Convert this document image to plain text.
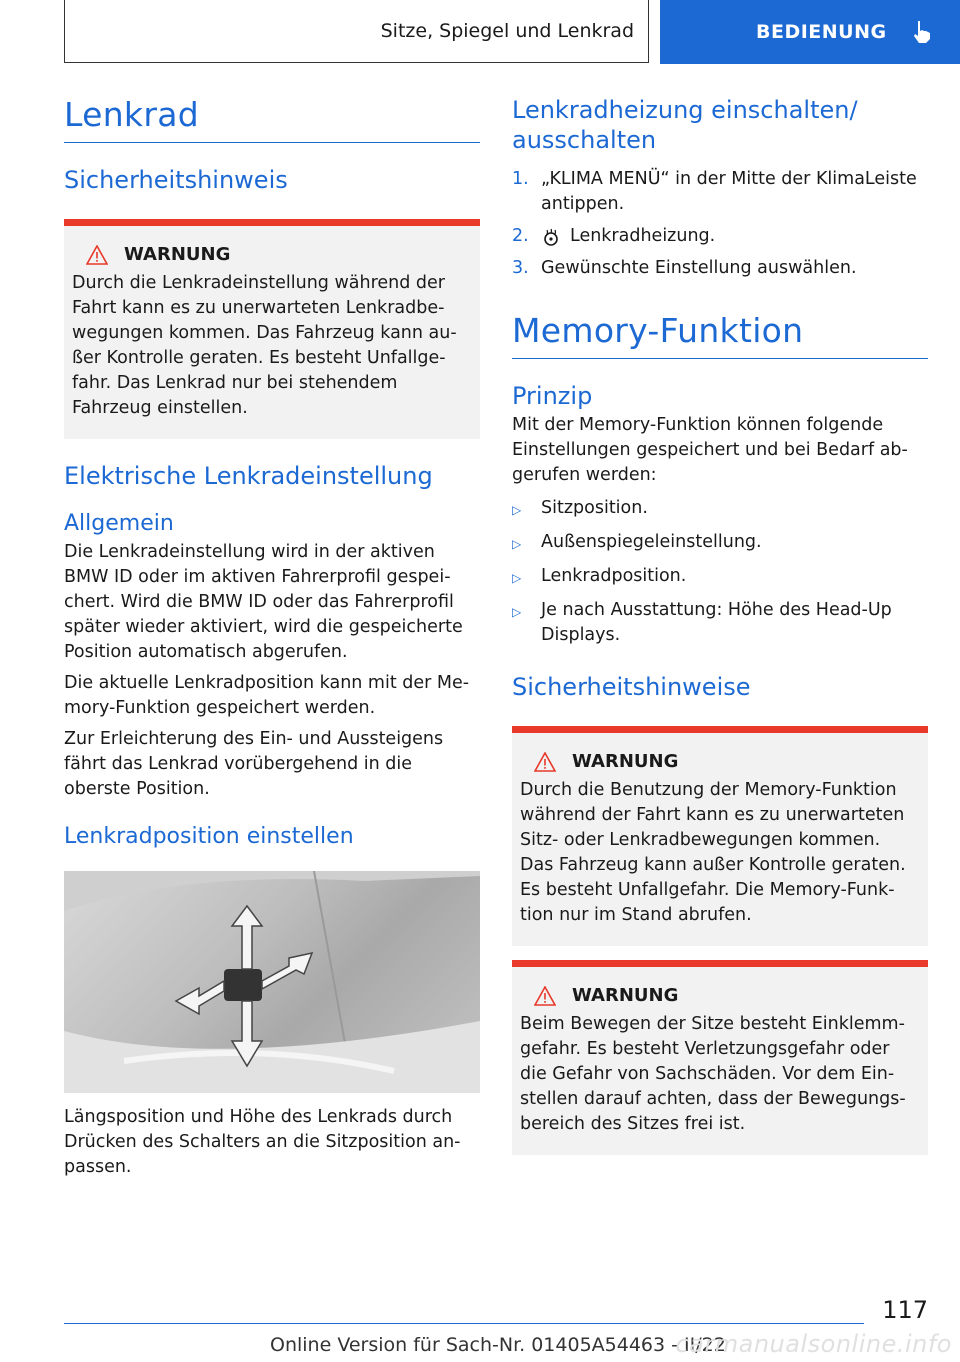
Sitze, Spiegel und Lenkrad	BEDIENUNG
Lenkrad
Sicherheitshinweis
WARNUNG

Durch die Lenkradeinstellung während der Fahrt kann es zu unerwarteten Lenkradbewegungen kommen. Das Fahrzeug kann außer Kontrolle geraten. Es besteht Unfallgefahr. Das Lenkrad nur bei stehendem Fahrzeug einstellen.

Elektrische Lenkradeinstellung
Allgemein

Die Lenkradeinstellung wird in der aktiven BMW ID oder im aktiven Fahrerprofil gespeichert. Wird die BMW ID oder das Fahrerprofil später wieder aktiviert, wird die gespeicherte Position automatisch abgerufen.

Die aktuelle Lenkradposition kann mit der Memory-Funktion gespeichert werden.

Zur Erleichterung des Ein- und Aussteigens fährt das Lenkrad vorübergehend in die oberste Position.

Lenkradposition einstellen

Längsposition und Höhe des Lenkrads durch Drücken des Schalters an die Sitzposition anpassen.

Lenkradheizung einschalten/ ausschalten
1. „KLIMA MENÜ“ in der Mitte der KlimaLeiste antippen.
2.	Lenkradheizung.
3. Gewünschte Einstellung auswählen.
Memory-Funktion
Prinzip

Mit der Memory-Funktion können folgende Einstellungen gespeichert und bei Bedarf abgerufen werden:

▷	Sitzposition.
▷	Außenspiegeleinstellung.
▷	Lenkradposition.
▷	Je nach Ausstattung: Höhe des Head-Up Displays.
Sicherheitshinweise
WARNUNG

Durch die Benutzung der Memory-Funktion während der Fahrt kann es zu unerwarteten Sitz- oder Lenkradbewegungen kommen. Das Fahrzeug kann außer Kontrolle geraten. Es besteht Unfallgefahr. Die Memory-Funktion nur im Stand abrufen.

WARNUNG

Beim Bewegen der Sitze besteht Einklemmgefahr. Es besteht Verletzungsgefahr oder die Gefahr von Sachschäden. Vor dem Einstellen darauf achten, dass der Bewegungsbereich des Sitzes frei ist.

117
Online Version für Sach-Nr. 01405A54463 - II/22
carmanualsonline.info
